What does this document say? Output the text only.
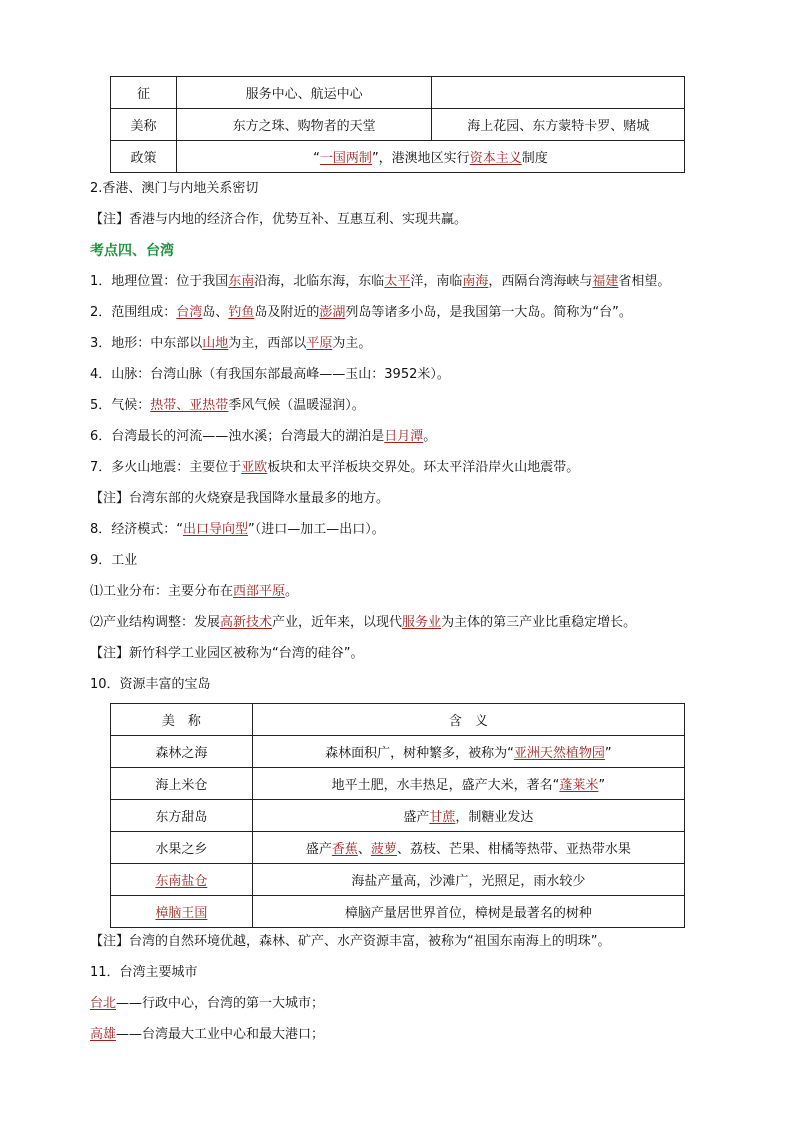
征	服务中心、航运中心	
美称	东方之珠、购物者的天堂	海上花园、东方蒙特卡罗、赌城
政策	“一国两制”，港澳地区实行资本主义制度	
2.香港、澳门与内地关系密切
【注】香港与内地的经济合作，优势互补、互惠互利、实现共赢。
考点四、台湾
1．地理位置：位于我国东南沿海，北临东海，东临太平洋，南临南海，西隔台湾海峡与福建省相望。
2．范围组成：台湾岛、钓鱼岛及附近的澎湖列岛等诸多小岛，是我国第一大岛。简称为“台”。
3．地形：中东部以山地为主，西部以平原为主。
4．山脉：台湾山脉（有我国东部最高峰——玉山：3952米）。
5．气候：热带、亚热带季风气候（温暖湿润）。
6．台湾最长的河流——浊水溪；台湾最大的湖泊是日月潭。
7．多火山地震：主要位于亚欧板块和太平洋板块交界处。环太平洋沿岸火山地震带。
【注】台湾东部的火烧寮是我国降水量最多的地方。
8．经济模式：“出口导向型”（进口—加工—出口）。
9．工业
⑴工业分布：主要分布在西部平原。
⑵产业结构调整：发展高新技术产业，近年来，以现代服务业为主体的第三产业比重稳定增长。
【注】新竹科学工业园区被称为“台湾的硅谷”。
10．资源丰富的宝岛
美　称	含　义
森林之海	森林面积广，树种繁多，被称为“亚洲天然植物园”
海上米仓	地平土肥，水丰热足，盛产大米，著名“蓬莱米”
东方甜岛	盛产甘蔗，制糖业发达
水果之乡	盛产香蕉、菠萝、荔枝、芒果、柑橘等热带、亚热带水果
东南盐仓	海盐产量高，沙滩广，光照足，雨水较少
樟脑王国	樟脑产量居世界首位，樟树是最著名的树种
【注】台湾的自然环境优越，森林、矿产、水产资源丰富，被称为“祖国东南海上的明珠”。
11．台湾主要城市
台北——行政中心，台湾的第一大城市；
高雄——台湾最大工业中心和最大港口；
